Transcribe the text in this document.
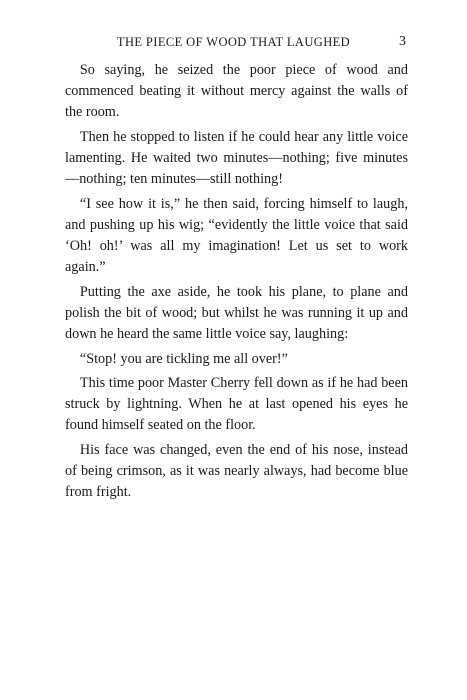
THE PIECE OF WOOD THAT LAUGHED	3

So saying, he seized the poor piece of wood and commenced beating it without mercy against the walls of the room.

Then he stopped to listen if he could hear any little voice lamenting. He waited two minutes—nothing; five minutes—nothing; ten minutes—still nothing!

“I see how it is,” he then said, forcing himself to laugh, and pushing up his wig; “evidently the little voice that said ‘Oh! oh!’ was all my imagination! Let us set to work again.”

Putting the axe aside, he took his plane, to plane and polish the bit of wood; but whilst he was running it up and down he heard the same little voice say, laughing:

“Stop! you are tickling me all over!”

This time poor Master Cherry fell down as if he had been struck by lightning. When he at last opened his eyes he found himself seated on the floor.

His face was changed, even the end of his nose, instead of being crimson, as it was nearly always, had become blue from fright.
